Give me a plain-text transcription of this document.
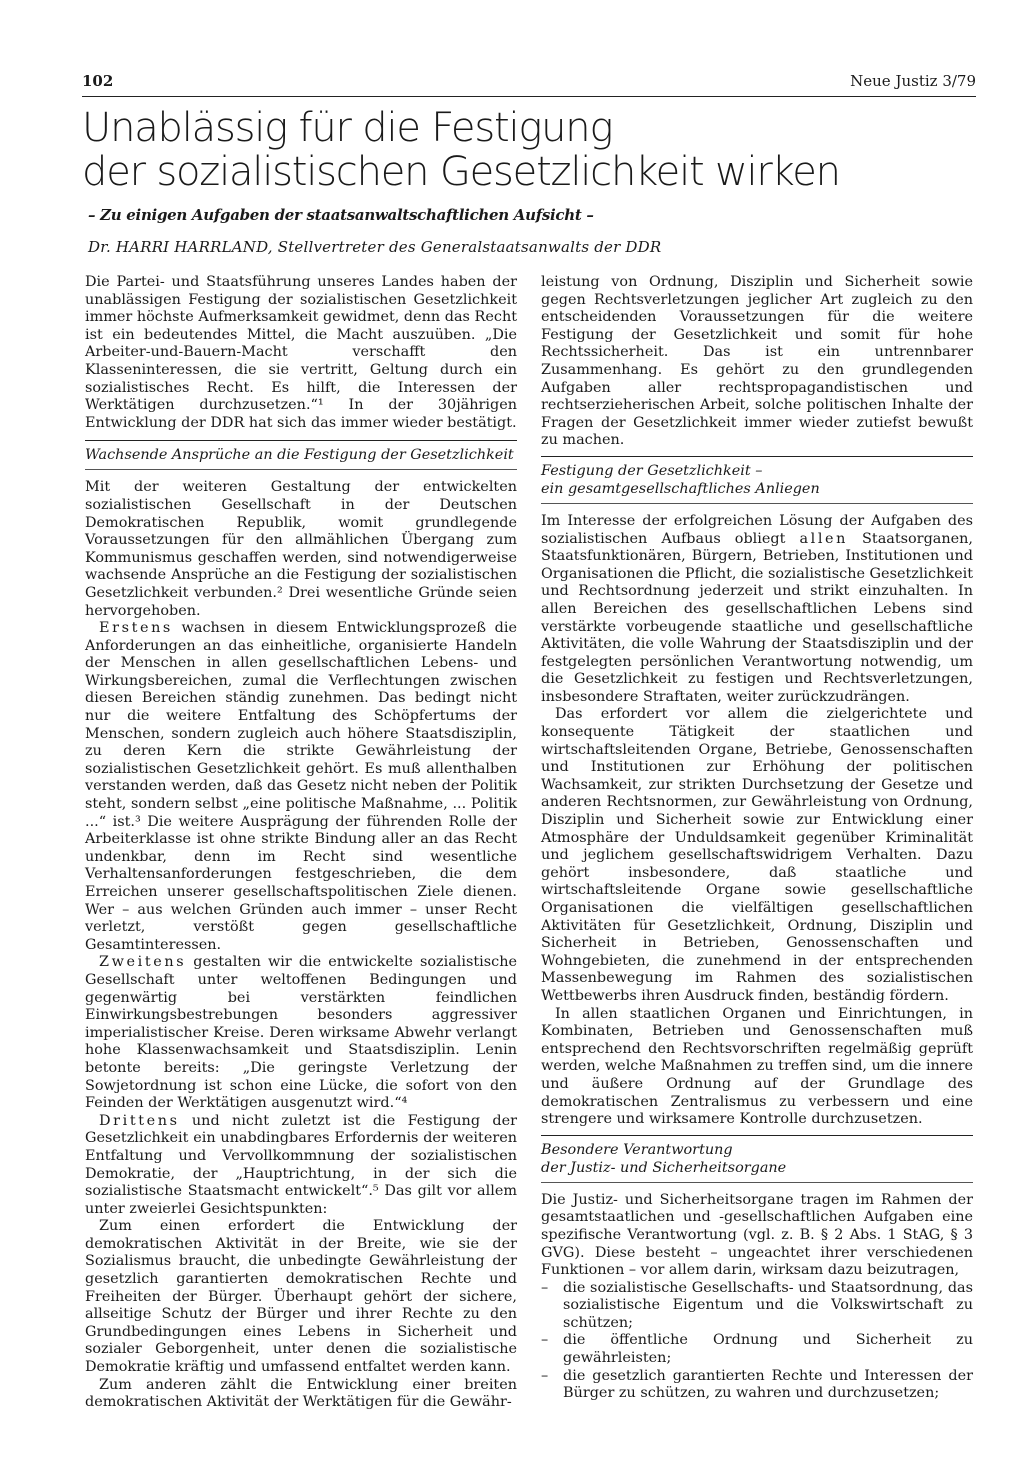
102	Neue Justiz 3/79
Unablässig für die Festigung
der sozialistischen Gesetzlichkeit wirken
– Zu einigen Aufgaben der staatsanwaltschaftlichen Aufsicht –
Dr. HARRI HARRLAND, Stellvertreter des Generalstaatsanwalts der DDR

Die Partei- und Staatsführung unseres Landes haben der unablässigen Festigung der sozialistischen Gesetzlichkeit immer höchste Aufmerksamkeit gewidmet, denn das Recht ist ein bedeutendes Mittel, die Macht auszuüben. „Die Arbeiter-und-Bauern-Macht verschafft den Klasseninteressen, die sie vertritt, Geltung durch ein sozialistisches Recht. Es hilft, die Interessen der Werktätigen durchzusetzen.“¹ In der 30jährigen Entwicklung der DDR hat sich das immer wieder bestätigt.

Wachsende Ansprüche an die Festigung der Gesetzlichkeit

Mit der weiteren Gestaltung der entwickelten sozialistischen Gesellschaft in der Deutschen Demokratischen Republik, womit grundlegende Voraussetzungen für den allmählichen Übergang zum Kommunismus geschaffen werden, sind notwendigerweise wachsende Ansprüche an die Festigung der sozialistischen Gesetzlichkeit verbunden.² Drei wesentliche Gründe seien hervorgehoben.

Erstens wachsen in diesem Entwicklungsprozeß die Anforderungen an das einheitliche, organisierte Handeln der Menschen in allen gesellschaftlichen Lebens- und Wirkungsbereichen, zumal die Verflechtungen zwischen diesen Bereichen ständig zunehmen. Das bedingt nicht nur die weitere Entfaltung des Schöpfertums der Menschen, sondern zugleich auch höhere Staatsdisziplin, zu deren Kern die strikte Gewährleistung der sozialistischen Gesetzlichkeit gehört. Es muß allenthalben verstanden werden, daß das Gesetz nicht neben der Politik steht, sondern selbst „eine politische Maßnahme, ... Politik ...“ ist.³ Die weitere Ausprägung der führenden Rolle der Arbeiterklasse ist ohne strikte Bindung aller an das Recht undenkbar, denn im Recht sind wesentliche Verhaltensanforderungen festgeschrieben, die dem Erreichen unserer gesellschaftspolitischen Ziele dienen. Wer – aus welchen Gründen auch immer – unser Recht verletzt, verstößt gegen gesellschaftliche Gesamtinteressen.

Zweitens gestalten wir die entwickelte sozialistische Gesellschaft unter weltoffenen Bedingungen und gegenwärtig bei verstärkten feindlichen Einwirkungsbestrebungen besonders aggressiver imperialistischer Kreise. Deren wirksame Abwehr verlangt hohe Klassenwachsamkeit und Staatsdisziplin. Lenin betonte bereits: „Die geringste Verletzung der Sowjetordnung ist schon eine Lücke, die sofort von den Feinden der Werktätigen ausgenutzt wird.“⁴

Drittens und nicht zuletzt ist die Festigung der Gesetzlichkeit ein unabdingbares Erfordernis der weiteren Entfaltung und Vervollkommnung der sozialistischen Demokratie, der „Hauptrichtung, in der sich die sozialistische Staatsmacht entwickelt“.⁵ Das gilt vor allem unter zweierlei Gesichtspunkten:

Zum einen erfordert die Entwicklung der demokratischen Aktivität in der Breite, wie sie der Sozialismus braucht, die unbedingte Gewährleistung der gesetzlich garantierten demokratischen Rechte und Freiheiten der Bürger. Überhaupt gehört der sichere, allseitige Schutz der Bürger und ihrer Rechte zu den Grundbedingungen eines Lebens in Sicherheit und sozialer Geborgenheit, unter denen die sozialistische Demokratie kräftig und umfassend entfaltet werden kann.

Zum anderen zählt die Entwicklung einer breiten demokratischen Aktivität der Werktätigen für die Gewähr-

leistung von Ordnung, Disziplin und Sicherheit sowie gegen Rechtsverletzungen jeglicher Art zugleich zu den entscheidenden Voraussetzungen für die weitere Festigung der Gesetzlichkeit und somit für hohe Rechtssicherheit. Das ist ein untrennbarer Zusammenhang. Es gehört zu den grundlegenden Aufgaben aller rechtspropagandistischen und rechtserzieherischen Arbeit, solche politischen Inhalte der Fragen der Gesetzlichkeit immer wieder zutiefst bewußt zu machen.

Festigung der Gesetzlichkeit –
ein gesamtgesellschaftliches Anliegen

Im Interesse der erfolgreichen Lösung der Aufgaben des sozialistischen Aufbaus obliegt allen Staatsorganen, Staatsfunktionären, Bürgern, Betrieben, Institutionen und Organisationen die Pflicht, die sozialistische Gesetzlichkeit und Rechtsordnung jederzeit und strikt einzuhalten. In allen Bereichen des gesellschaftlichen Lebens sind verstärkte vorbeugende staatliche und gesellschaftliche Aktivitäten, die volle Wahrung der Staatsdisziplin und der festgelegten persönlichen Verantwortung notwendig, um die Gesetzlichkeit zu festigen und Rechtsverletzungen, insbesondere Straftaten, weiter zurückzudrängen.

Das erfordert vor allem die zielgerichtete und konsequente Tätigkeit der staatlichen und wirtschaftsleitenden Organe, Betriebe, Genossenschaften und Institutionen zur Erhöhung der politischen Wachsamkeit, zur strikten Durchsetzung der Gesetze und anderen Rechtsnormen, zur Gewährleistung von Ordnung, Disziplin und Sicherheit sowie zur Entwicklung einer Atmosphäre der Unduldsamkeit gegenüber Kriminalität und jeglichem gesellschaftswidrigem Verhalten. Dazu gehört insbesondere, daß staatliche und wirtschaftsleitende Organe sowie gesellschaftliche Organisationen die vielfältigen gesellschaftlichen Aktivitäten für Gesetzlichkeit, Ordnung, Disziplin und Sicherheit in Betrieben, Genossenschaften und Wohngebieten, die zunehmend in der entsprechenden Massenbewegung im Rahmen des sozialistischen Wettbewerbs ihren Ausdruck finden, beständig fördern.

In allen staatlichen Organen und Einrichtungen, in Kombinaten, Betrieben und Genossenschaften muß entsprechend den Rechtsvorschriften regelmäßig geprüft werden, welche Maßnahmen zu treffen sind, um die innere und äußere Ordnung auf der Grundlage des demokratischen Zentralismus zu verbessern und eine strengere und wirksamere Kontrolle durchzusetzen.

Besondere Verantwortung
der Justiz- und Sicherheitsorgane

Die Justiz- und Sicherheitsorgane tragen im Rahmen der gesamtstaatlichen und -gesellschaftlichen Aufgaben eine spezifische Verantwortung (vgl. z. B. § 2 Abs. 1 StAG, § 3 GVG). Diese besteht – ungeachtet ihrer verschiedenen Funktionen – vor allem darin, wirksam dazu beizutragen,

– die sozialistische Gesellschafts- und Staatsordnung, das sozialistische Eigentum und die Volkswirtschaft zu schützen;
– die öffentliche Ordnung und Sicherheit zu gewährleisten;
– die gesetzlich garantierten Rechte und Interessen der Bürger zu schützen, zu wahren und durchzusetzen;
